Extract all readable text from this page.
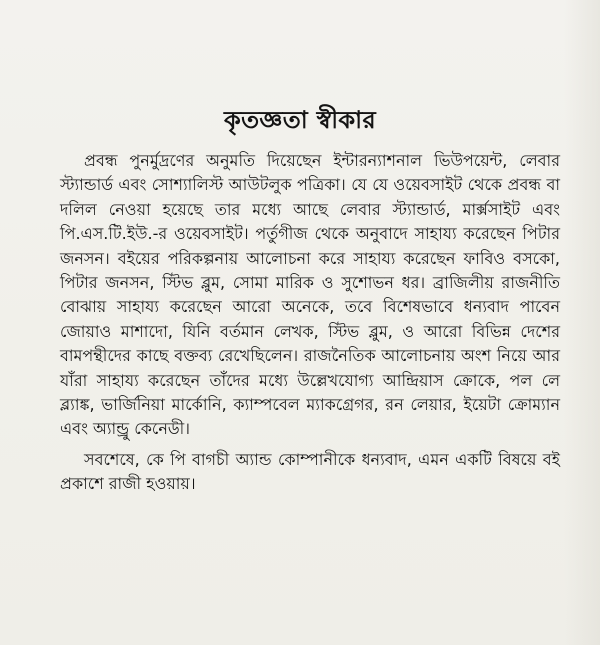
কৃতজ্ঞতা স্বীকার

প্রবন্ধ পুনর্মুদ্রণের অনুমতি দিয়েছেন ইন্টারন্যাশনাল ভিউপয়েন্ট, লেবার স্ট্যান্ডার্ড এবং সোশ্যালিস্ট আউটলুক পত্রিকা। যে যে ওয়েবসাইট থেকে প্রবন্ধ বা দলিল নেওয়া হয়েছে তার মধ্যে আছে লেবার স্ট্যান্ডার্ড, মার্ক্সসাইট এবং পি.এস.টি.ইউ.-র ওয়েবসাইট। পর্তুগীজ থেকে অনুবাদে সাহায্য করেছেন পিটার জনসন। বইয়ের পরিকল্পনায় আলোচনা করে সাহায্য করেছেন ফাবিও বসকো, পিটার জনসন, স্টিভ ব্লুম, সোমা মারিক ও সুশোভন ধর। ব্রাজিলীয় রাজনীতি বোঝায় সাহায্য করেছেন আরো অনেকে, তবে বিশেষভাবে ধন্যবাদ পাবেন জোয়াও মাশাদো, যিনি বর্তমান লেখক, স্টিভ ব্লুম, ও আরো বিভিন্ন দেশের বামপন্থীদের কাছে বক্তব্য রেখেছিলেন। রাজনৈতিক আলোচনায় অংশ নিয়ে আর যাঁরা সাহায্য করেছেন তাঁদের মধ্যে উল্লেখযোগ্য আন্দ্রিয়াস ক্রোকে, পল লে ব্ল্যাঙ্ক, ভার্জিনিয়া মার্কোনি, ক্যাম্পবেল ম্যাকগ্রেগর, রন লেয়ার, ইয়েটা ক্রোম্যান এবং অ্যান্ড্রু কেনেডী।

সবশেষে, কে পি বাগচী অ্যান্ড কোম্পানীকে ধন্যবাদ, এমন একটি বিষয়ে বই প্রকাশে রাজী হওয়ায়।
